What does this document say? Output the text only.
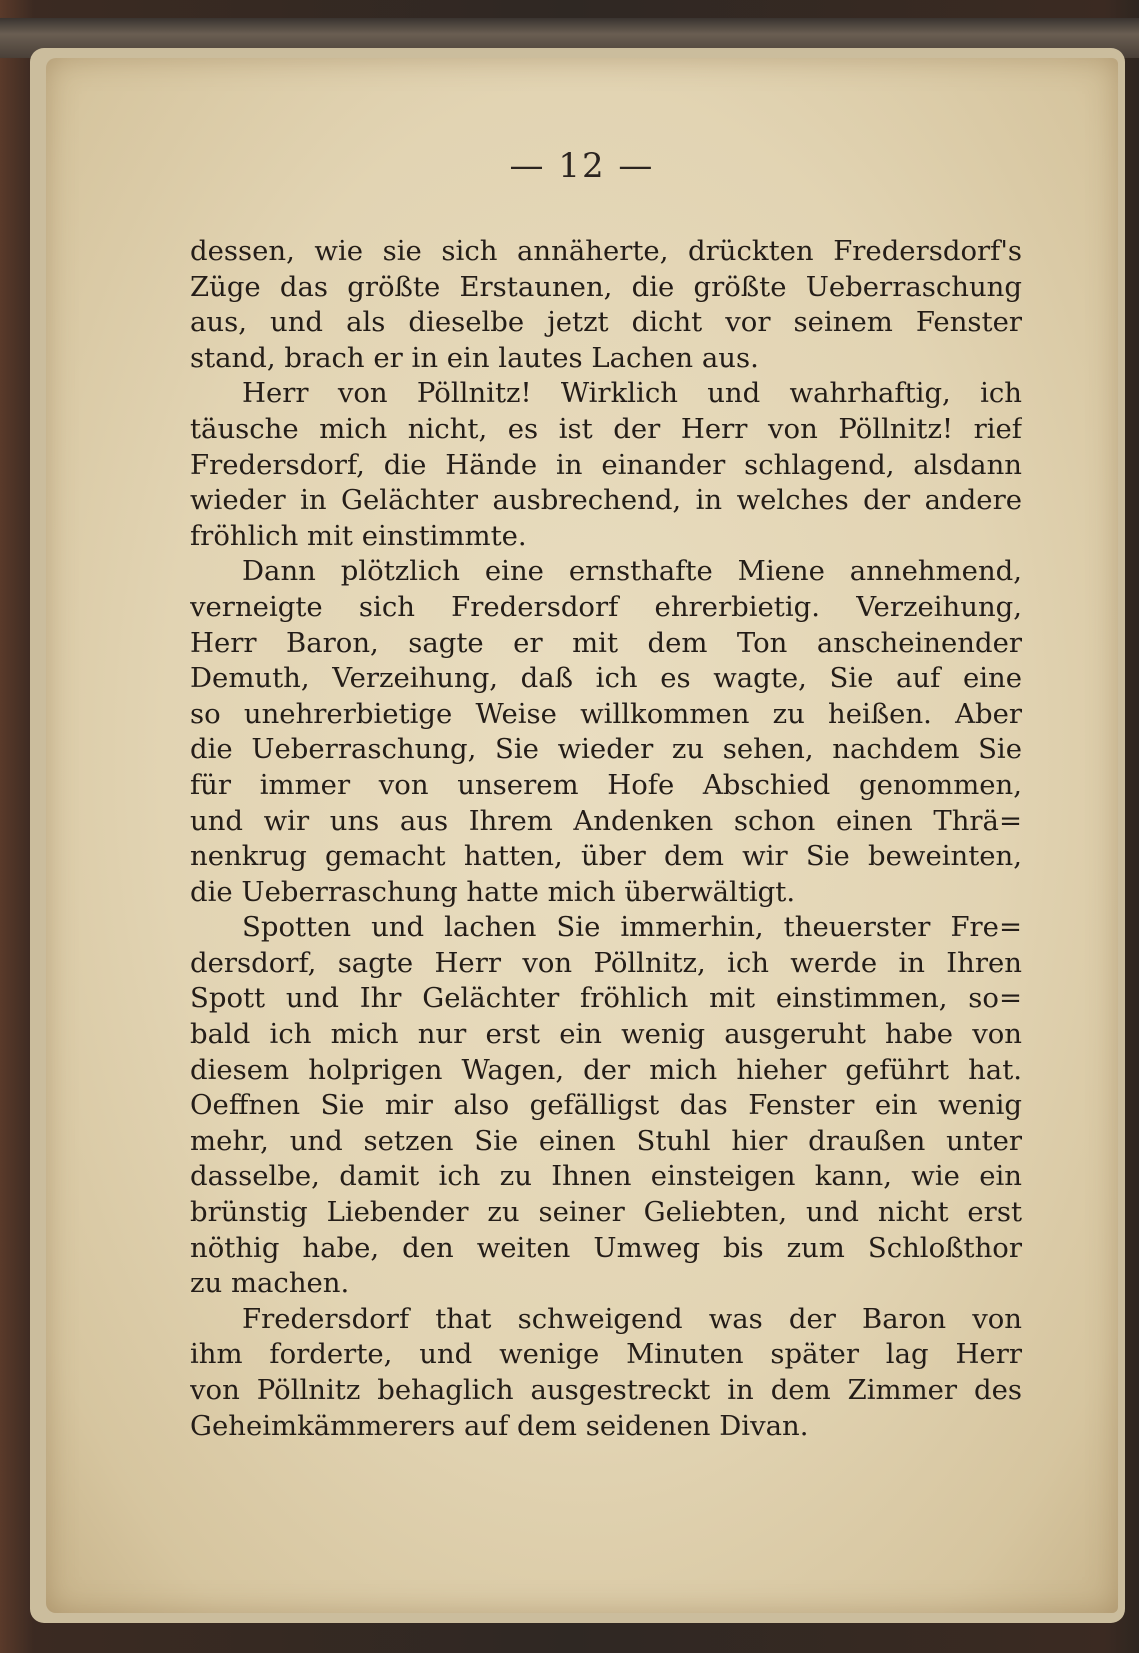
— 12 —
dessen, wie sie sich annäherte, drückten Fredersdorf's
Züge das größte Erstaunen, die größte Ueberraschung
aus, und als dieselbe jetzt dicht vor seinem Fenster
stand, brach er in ein lautes Lachen aus.
Herr von Pöllnitz! Wirklich und wahrhaftig, ich
täusche mich nicht, es ist der Herr von Pöllnitz! rief
Fredersdorf, die Hände in einander schlagend, alsdann
wieder in Gelächter ausbrechend, in welches der andere
fröhlich mit einstimmte.
Dann plötzlich eine ernsthafte Miene annehmend,
verneigte sich Fredersdorf ehrerbietig. Verzeihung,
Herr Baron, sagte er mit dem Ton anscheinender
Demuth, Verzeihung, daß ich es wagte, Sie auf eine
so unehrerbietige Weise willkommen zu heißen. Aber
die Ueberraschung, Sie wieder zu sehen, nachdem Sie
für immer von unserem Hofe Abschied genommen,
und wir uns aus Ihrem Andenken schon einen Thrä=
nenkrug gemacht hatten, über dem wir Sie beweinten,
die Ueberraschung hatte mich überwältigt.
Spotten und lachen Sie immerhin, theuerster Fre=
dersdorf, sagte Herr von Pöllnitz, ich werde in Ihren
Spott und Ihr Gelächter fröhlich mit einstimmen, so=
bald ich mich nur erst ein wenig ausgeruht habe von
diesem holprigen Wagen, der mich hieher geführt hat.
Oeffnen Sie mir also gefälligst das Fenster ein wenig
mehr, und setzen Sie einen Stuhl hier draußen unter
dasselbe, damit ich zu Ihnen einsteigen kann, wie ein
brünstig Liebender zu seiner Geliebten, und nicht erst
nöthig habe, den weiten Umweg bis zum Schloßthor
zu machen.
Fredersdorf that schweigend was der Baron von
ihm forderte, und wenige Minuten später lag Herr
von Pöllnitz behaglich ausgestreckt in dem Zimmer des
Geheimkämmerers auf dem seidenen Divan.
